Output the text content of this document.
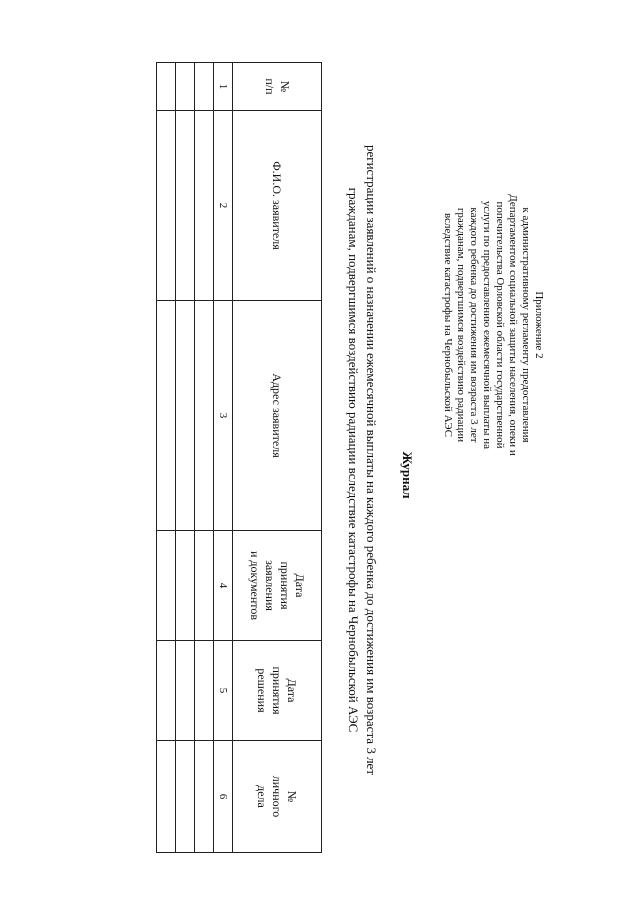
Приложение 2
к административному регламенту предоставления
Департаментом социальной защиты населения, опеки и
попечительства Орловской области государственной
услуги по предоставлению ежемесячной выплаты на
каждого ребенка до достижения им возраста 3 лет
гражданам, подвергшимся воздействию радиации
вследствие катастрофы на Чернобыльской АЭС
Журнал
регистрации заявлений о назначении ежемесячной выплаты на каждого ребенка до достижения им возраста 3 лет
гражданам, подвергшимся воздействию радиации вследствие катастрофы на Чернобыльской АЭС
№
п/п	Ф.И.О. заявителя	Адрес заявителя	Дата
принятия
заявления
и документов	Дата
принятия
решения	№
личного
дела
1	2	3	4	5	6
